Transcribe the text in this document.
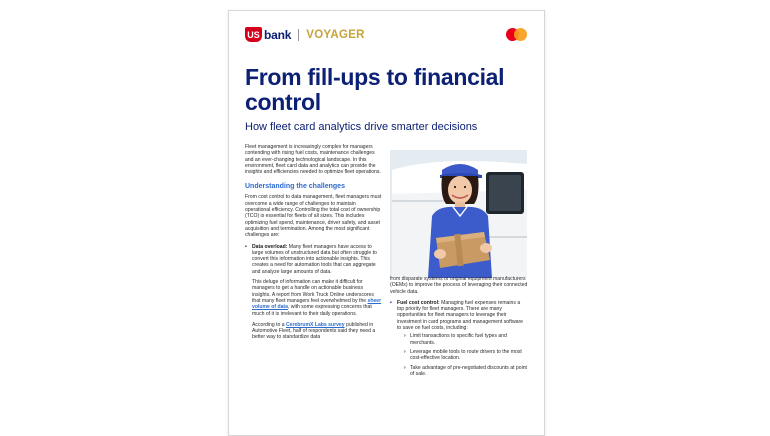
US bank VOYAGER
From fill-ups to financial control
How fleet card analytics drive smarter decisions

Fleet management is increasingly complex for managers contending with rising fuel costs, maintenance challenges and an ever-changing technological landscape. In this environment, fleet card data and analytics can provide the insights and efficiencies needed to optimize fleet operations.

Understanding the challenges

From cost control to data management, fleet managers must overcome a wide range of challenges to maintain operational efficiency. Controlling the total cost of ownership (TCO) is essential for fleets of all sizes. This includes optimizing fuel spend, maintenance, driver safety, and asset acquisition and termination. Among the most significant challenges are:

• Data overload: Many fleet managers have access to large volumes of unstructured data but often struggle to convert this information into actionable insights. This creates a need for automation tools that can aggregate and analyze large amounts of data.

This deluge of information can make it difficult for managers to get a handle on actionable business insights. A report from Work Truck Online underscores that many fleet managers feel overwhelmed by the sheer volume of data, with some expressing concerns that much of it is irrelevant to their daily operations.

According to a CerebrumX Labs survey published in Automotive Fleet, half of respondents said they need a better way to standardize data

from disparate systems or original equipment manufacturers (OEMs) to improve the process of leveraging their connected vehicle data.

• Fuel cost control: Managing fuel expenses remains a top priority for fleet managers. There are many opportunities for fleet managers to leverage their investment in card programs and management software to save on fuel costs, including:
› Limit transactions to specific fuel types and merchants.
› Leverage mobile tools to route drivers to the most cost-effective location.
› Take advantage of pre-negotiated discounts at point of sale.
